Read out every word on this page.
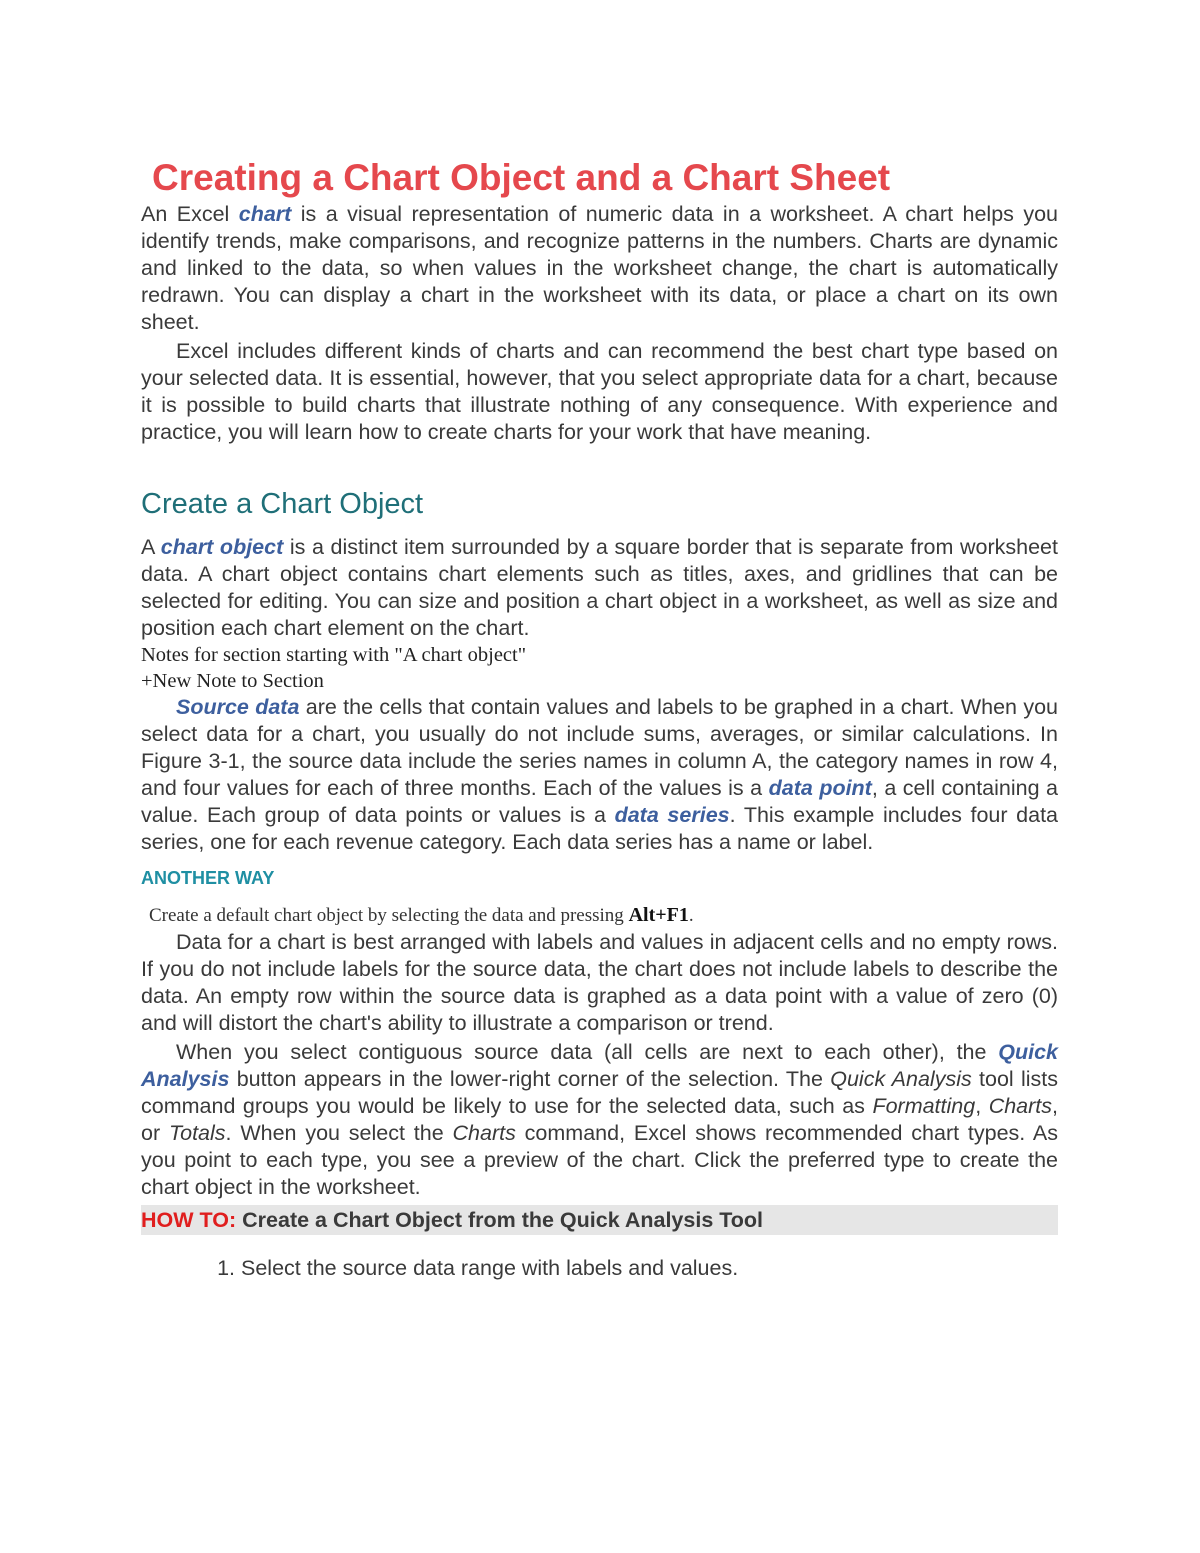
Creating a Chart Object and a Chart Sheet

An Excel chart is a visual representation of numeric data in a worksheet. A chart helps you identify trends, make comparisons, and recognize patterns in the numbers. Charts are dynamic and linked to the data, so when values in the worksheet change, the chart is automatically redrawn. You can display a chart in the worksheet with its data, or place a chart on its own sheet.

Excel includes different kinds of charts and can recommend the best chart type based on your selected data. It is essential, however, that you select appropriate data for a chart, because it is possible to build charts that illustrate nothing of any consequence. With experience and practice, you will learn how to create charts for your work that have meaning.

Create a Chart Object

A chart object is a distinct item surrounded by a square border that is separate from worksheet data. A chart object contains chart elements such as titles, axes, and gridlines that can be selected for editing. You can size and position a chart object in a worksheet, as well as size and position each chart element on the chart.

Notes for section starting with "A chart object"

+New Note to Section

Source data are the cells that contain values and labels to be graphed in a chart. When you select data for a chart, you usually do not include sums, averages, or similar calculations. In Figure 3-1, the source data include the series names in column A, the category names in row 4, and four values for each of three months. Each of the values is a data point, a cell containing a value. Each group of data points or values is a data series. This example includes four data series, one for each revenue category. Each data series has a name or label.

ANOTHER WAY

Create a default chart object by selecting the data and pressing Alt+F1.

Data for a chart is best arranged with labels and values in adjacent cells and no empty rows. If you do not include labels for the source data, the chart does not include labels to describe the data. An empty row within the source data is graphed as a data point with a value of zero (0) and will distort the chart's ability to illustrate a comparison or trend.

When you select contiguous source data (all cells are next to each other), the Quick Analysis button appears in the lower-right corner of the selection. The Quick Analysis tool lists command groups you would be likely to use for the selected data, such as Formatting, Charts, or Totals. When you select the Charts command, Excel shows recommended chart types. As you point to each type, you see a preview of the chart. Click the preferred type to create the chart object in the worksheet.

HOW TO: Create a Chart Object from the Quick Analysis Tool
1. Select the source data range with labels and values.
